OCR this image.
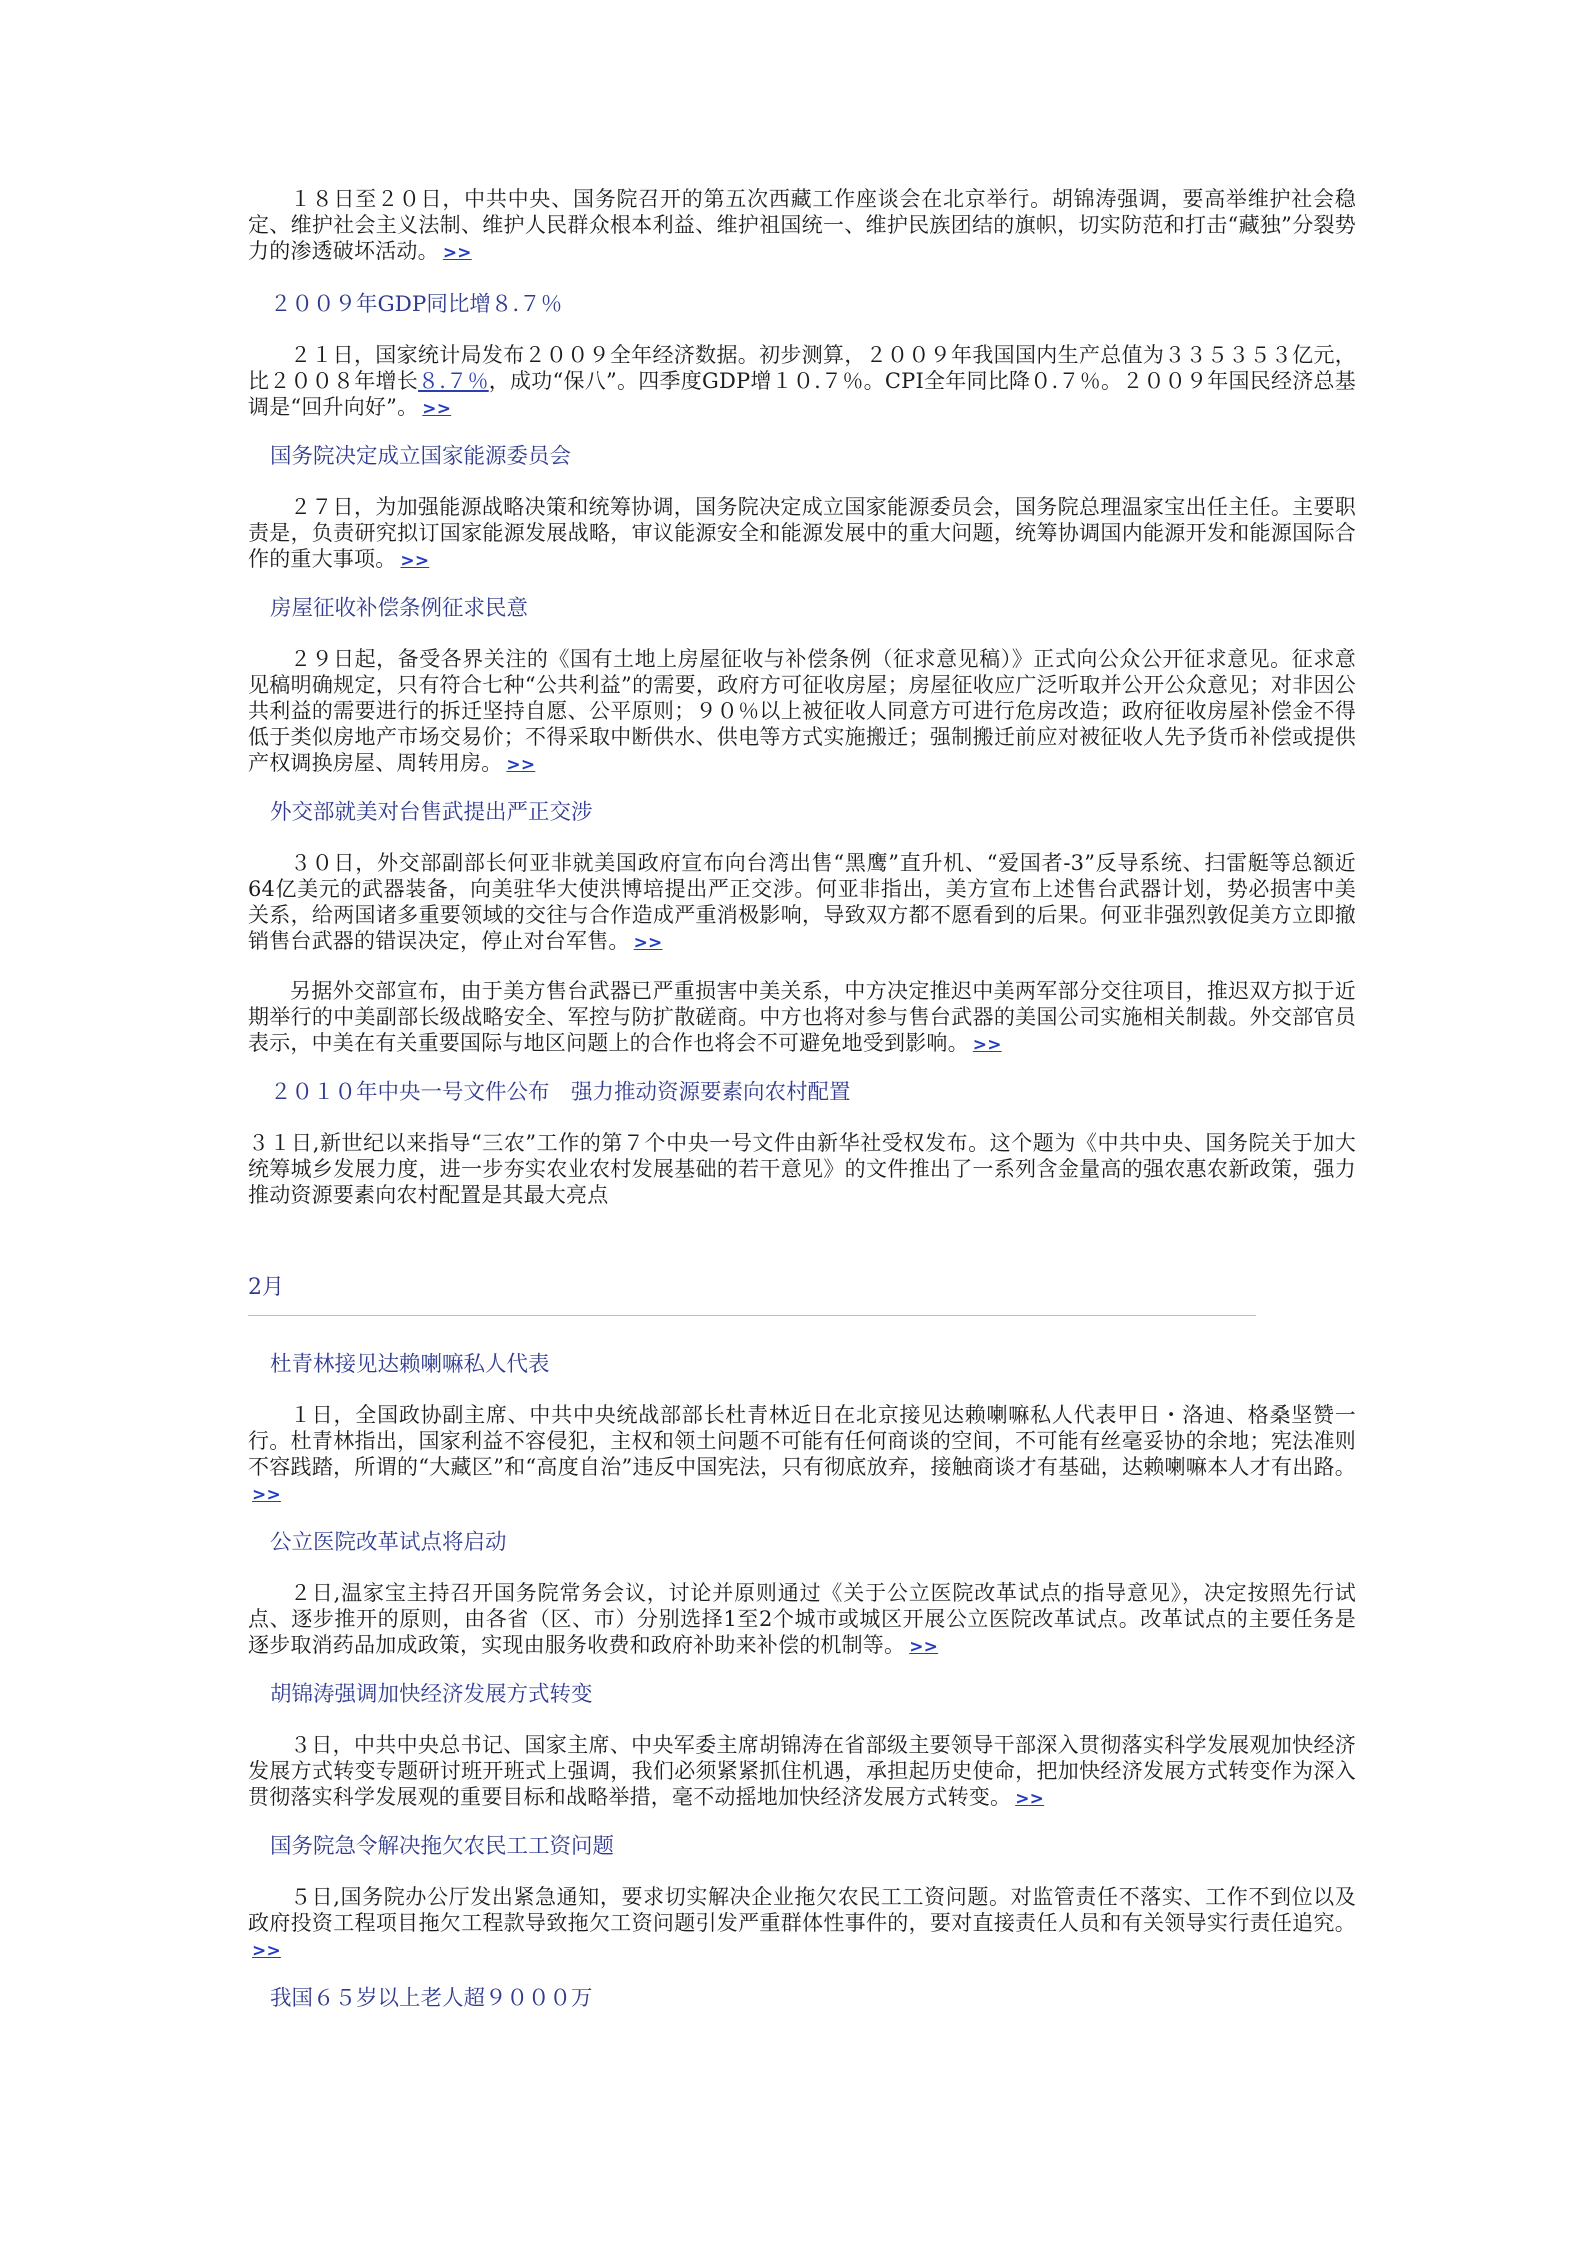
１８日至２０日，中共中央、国务院召开的第五次西藏工作座谈会在北京举行。胡锦涛强调，要高举维护社会稳定、维护社会主义法制、维护人民群众根本利益、维护祖国统一、维护民族团结的旗帜，切实防范和打击“藏独”分裂势力的渗透破坏活动。 >>

２００９年GDP同比增８.７％

２１日，国家统计局发布２００９全年经济数据。初步测算，２００９年我国国内生产总值为３３５３５３亿元，比２００８年增长８.７％，成功“保八”。四季度GDP增１０.７％。CPI全年同比降０.７％。２００９年国民经济总基调是“回升向好”。 >>

国务院决定成立国家能源委员会

２７日，为加强能源战略决策和统筹协调，国务院决定成立国家能源委员会，国务院总理温家宝出任主任。主要职责是，负责研究拟订国家能源发展战略，审议能源安全和能源发展中的重大问题，统筹协调国内能源开发和能源国际合作的重大事项。 >>

房屋征收补偿条例征求民意

２９日起，备受各界关注的《国有土地上房屋征收与补偿条例（征求意见稿）》正式向公众公开征求意见。征求意见稿明确规定，只有符合七种“公共利益”的需要，政府方可征收房屋；房屋征收应广泛听取并公开公众意见；对非因公共利益的需要进行的拆迁坚持自愿、公平原则；９０％以上被征收人同意方可进行危房改造；政府征收房屋补偿金不得低于类似房地产市场交易价；不得采取中断供水、供电等方式实施搬迁；强制搬迁前应对被征收人先予货币补偿或提供产权调换房屋、周转用房。 >>

外交部就美对台售武提出严正交涉

３０日，外交部副部长何亚非就美国政府宣布向台湾出售“黑鹰”直升机、“爱国者-3”反导系统、扫雷艇等总额近64亿美元的武器装备，向美驻华大使洪博培提出严正交涉。何亚非指出，美方宣布上述售台武器计划，势必损害中美关系，给两国诸多重要领域的交往与合作造成严重消极影响，导致双方都不愿看到的后果。何亚非强烈敦促美方立即撤销售台武器的错误决定，停止对台军售。 >>

另据外交部宣布，由于美方售台武器已严重损害中美关系，中方决定推迟中美两军部分交往项目，推迟双方拟于近期举行的中美副部长级战略安全、军控与防扩散磋商。中方也将对参与售台武器的美国公司实施相关制裁。外交部官员表示，中美在有关重要国际与地区问题上的合作也将会不可避免地受到影响。 >>

２０１０年中央一号文件公布　强力推动资源要素向农村配置

３１日,新世纪以来指导“三农”工作的第７个中央一号文件由新华社受权发布。这个题为《中共中央、国务院关于加大统筹城乡发展力度，进一步夯实农业农村发展基础的若干意见》的文件推出了一系列含金量高的强农惠农新政策，强力推动资源要素向农村配置是其最大亮点

2月
杜青林接见达赖喇嘛私人代表

１日，全国政协副主席、中共中央统战部部长杜青林近日在北京接见达赖喇嘛私人代表甲日・洛迪、格桑坚赞一行。杜青林指出，国家利益不容侵犯，主权和领土问题不可能有任何商谈的空间，不可能有丝毫妥协的余地；宪法准则不容践踏，所谓的“大藏区”和“高度自治”违反中国宪法，只有彻底放弃，接触商谈才有基础，达赖喇嘛本人才有出路。>>

公立医院改革试点将启动

２日,温家宝主持召开国务院常务会议，讨论并原则通过《关于公立医院改革试点的指导意见》，决定按照先行试点、逐步推开的原则，由各省（区、市）分别选择1至2个城市或城区开展公立医院改革试点。改革试点的主要任务是逐步取消药品加成政策，实现由服务收费和政府补助来补偿的机制等。 >>

胡锦涛强调加快经济发展方式转变

３日，中共中央总书记、国家主席、中央军委主席胡锦涛在省部级主要领导干部深入贯彻落实科学发展观加快经济发展方式转变专题研讨班开班式上强调，我们必须紧紧抓住机遇，承担起历史使命，把加快经济发展方式转变作为深入贯彻落实科学发展观的重要目标和战略举措，毫不动摇地加快经济发展方式转变。 >>

国务院急令解决拖欠农民工工资问题

５日,国务院办公厅发出紧急通知，要求切实解决企业拖欠农民工工资问题。对监管责任不落实、工作不到位以及政府投资工程项目拖欠工程款导致拖欠工资问题引发严重群体性事件的，要对直接责任人员和有关领导实行责任追究。>>

我国６５岁以上老人超９０００万
